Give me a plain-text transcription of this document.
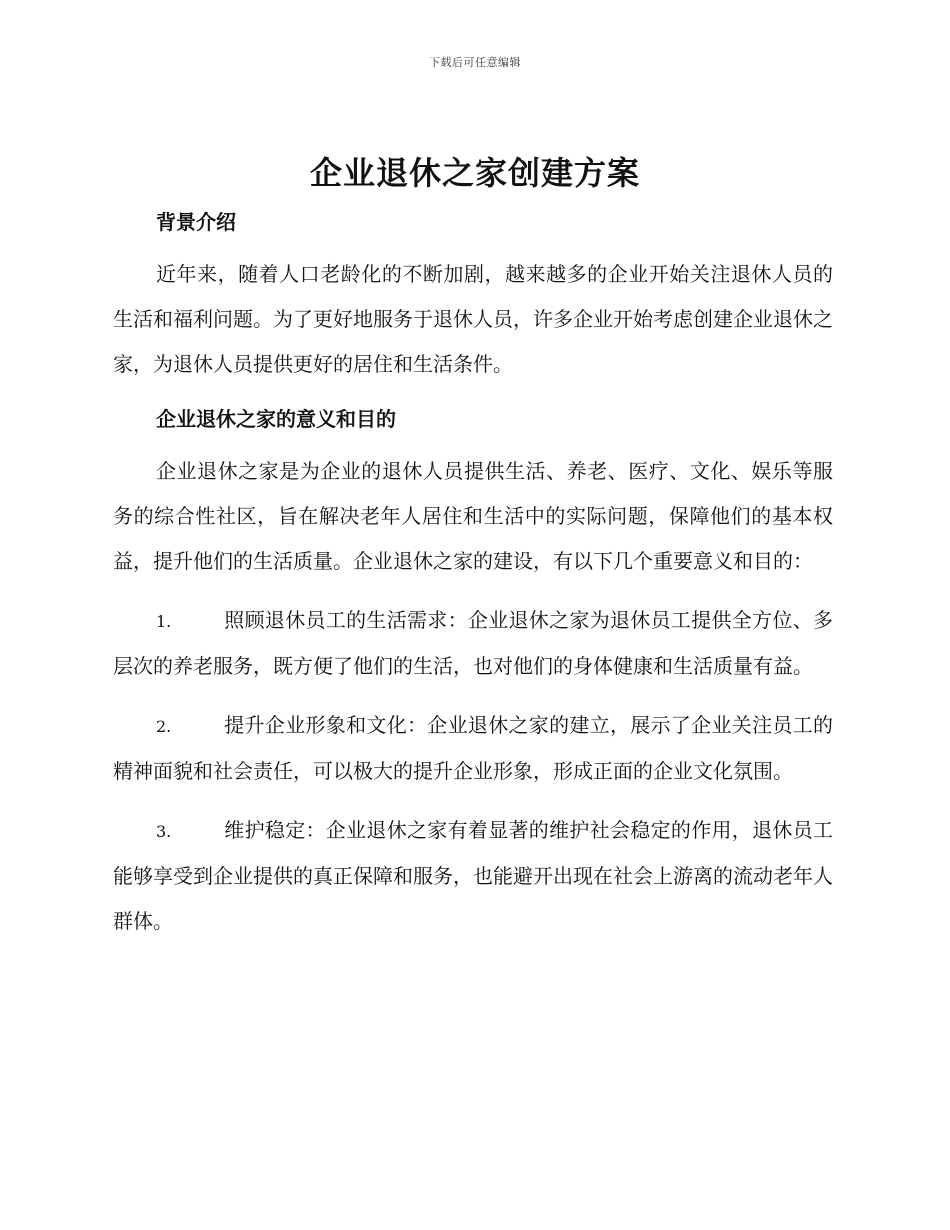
下载后可任意编辑
企业退休之家创建方案
背景介绍

近年来，随着人口老龄化的不断加剧，越来越多的企业开始关注退休人员的生活和福利问题。为了更好地服务于退休人员，许多企业开始考虑创建企业退休之家，为退休人员提供更好的居住和生活条件。

企业退休之家的意义和目的

企业退休之家是为企业的退休人员提供生活、养老、医疗、文化、娱乐等服务的综合性社区，旨在解决老年人居住和生活中的实际问题，保障他们的基本权益，提升他们的生活质量。企业退休之家的建设，有以下几个重要意义和目的：

1.	照顾退休员工的生活需求：企业退休之家为退休员工提供全方位、多层次的养老服务，既方便了他们的生活，也对他们的身体健康和生活质量有益。

2.	提升企业形象和文化：企业退休之家的建立，展示了企业关注员工的精神面貌和社会责任，可以极大的提升企业形象，形成正面的企业文化氛围。

3.	维护稳定：企业退休之家有着显著的维护社会稳定的作用，退休员工能够享受到企业提供的真正保障和服务，也能避开出现在社会上游离的流动老年人群体。
